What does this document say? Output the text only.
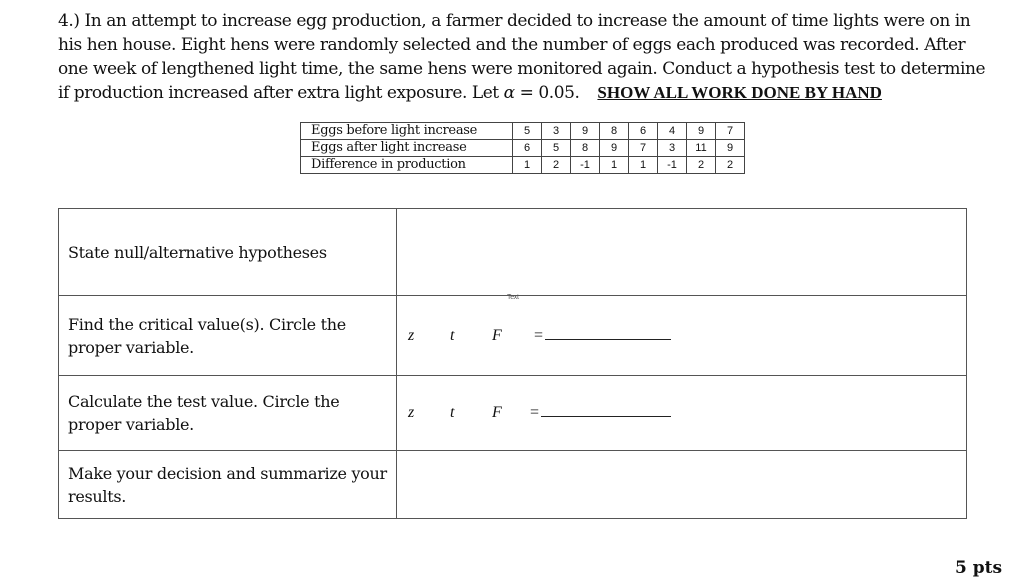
4.) In an attempt to increase egg production, a farmer decided to increase the amount of time lights were on in his hen house. Eight hens were randomly selected and the number of eggs each produced was recorded. After one week of lengthened light time, the same hens were monitored again. Conduct a hypothesis test to determine if production increased after extra light exposure. Let α = 0.05. SHOW ALL WORK DONE BY HAND

Eggs before light increase	5	3	9	8	6	4	9	7
Eggs after light increase	6	5	8	9	7	3	11	9
Difference in production	1	2	-1	1	1	-1	2	2
State null/alternative hypotheses	Text

Find the critical value(s). Circle the proper variable.	z t F =

Calculate the test value. Circle the proper variable.	z t F =

Make your decision and summarize your results.	
5 pts
